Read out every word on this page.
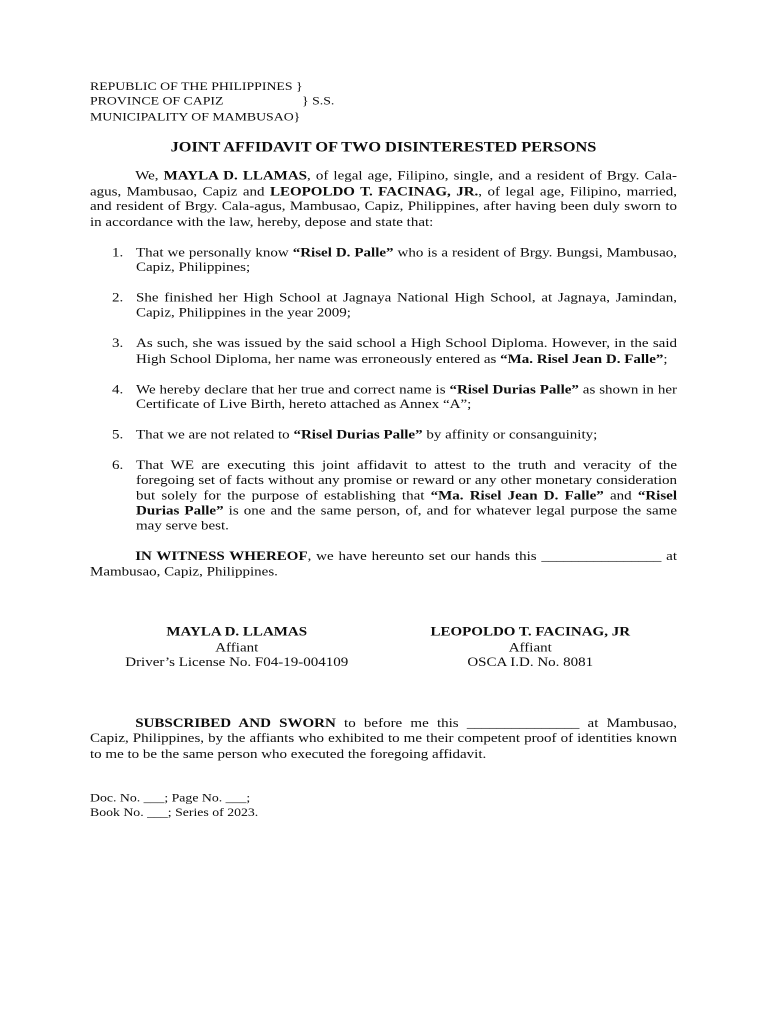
REPUBLIC OF THE PHILIPPINES }
PROVINCE OF CAPIZ	} S.S.
MUNICIPALITY OF MAMBUSAO}
JOINT AFFIDAVIT OF TWO DISINTERESTED PERSONS

We, MAYLA D. LLAMAS, of legal age, Filipino, single, and a resident of Brgy. Cala-agus, Mambusao, Capiz and LEOPOLDO T. FACINAG, JR., of legal age, Filipino, married, and resident of Brgy. Cala-agus, Mambusao, Capiz, Philippines, after having been duly sworn to in accordance with the law, hereby, depose and state that:

1. That we personally know “Risel D. Palle” who is a resident of Brgy. Bungsi, Mambusao, Capiz, Philippines;
2. She finished her High School at Jagnaya National High School, at Jagnaya, Jamindan, Capiz, Philippines in the year 2009;
3. As such, she was issued by the said school a High School Diploma. However, in the said High School Diploma, her name was erroneously entered as “Ma. Risel Jean D. Falle”;
4. We hereby declare that her true and correct name is “Risel Durias Palle” as shown in her Certificate of Live Birth, hereto attached as Annex “A”;
5. That we are not related to “Risel Durias Palle” by affinity or consanguinity;
6. That WE are executing this joint affidavit to attest to the truth and veracity of the foregoing set of facts without any promise or reward or any other monetary consideration but solely for the purpose of establishing that “Ma. Risel Jean D. Falle” and “Risel Durias Palle” is one and the same person, of, and for whatever legal purpose the same may serve best.

IN WITNESS WHEREOF, we have hereunto set our hands this ________________ at Mambusao, Capiz, Philippines.

MAYLA D. LLAMAS
Affiant
Driver’s License No. F04-19-004109
LEOPOLDO T. FACINAG, JR
Affiant
OSCA I.D. No. 8081

SUBSCRIBED AND SWORN to before me this _______________ at Mambusao, Capiz, Philippines, by the affiants who exhibited to me their competent proof of identities known to me to be the same person who executed the foregoing affidavit.

Doc. No. ___; Page No. ___;
Book No. ___; Series of 2023.
